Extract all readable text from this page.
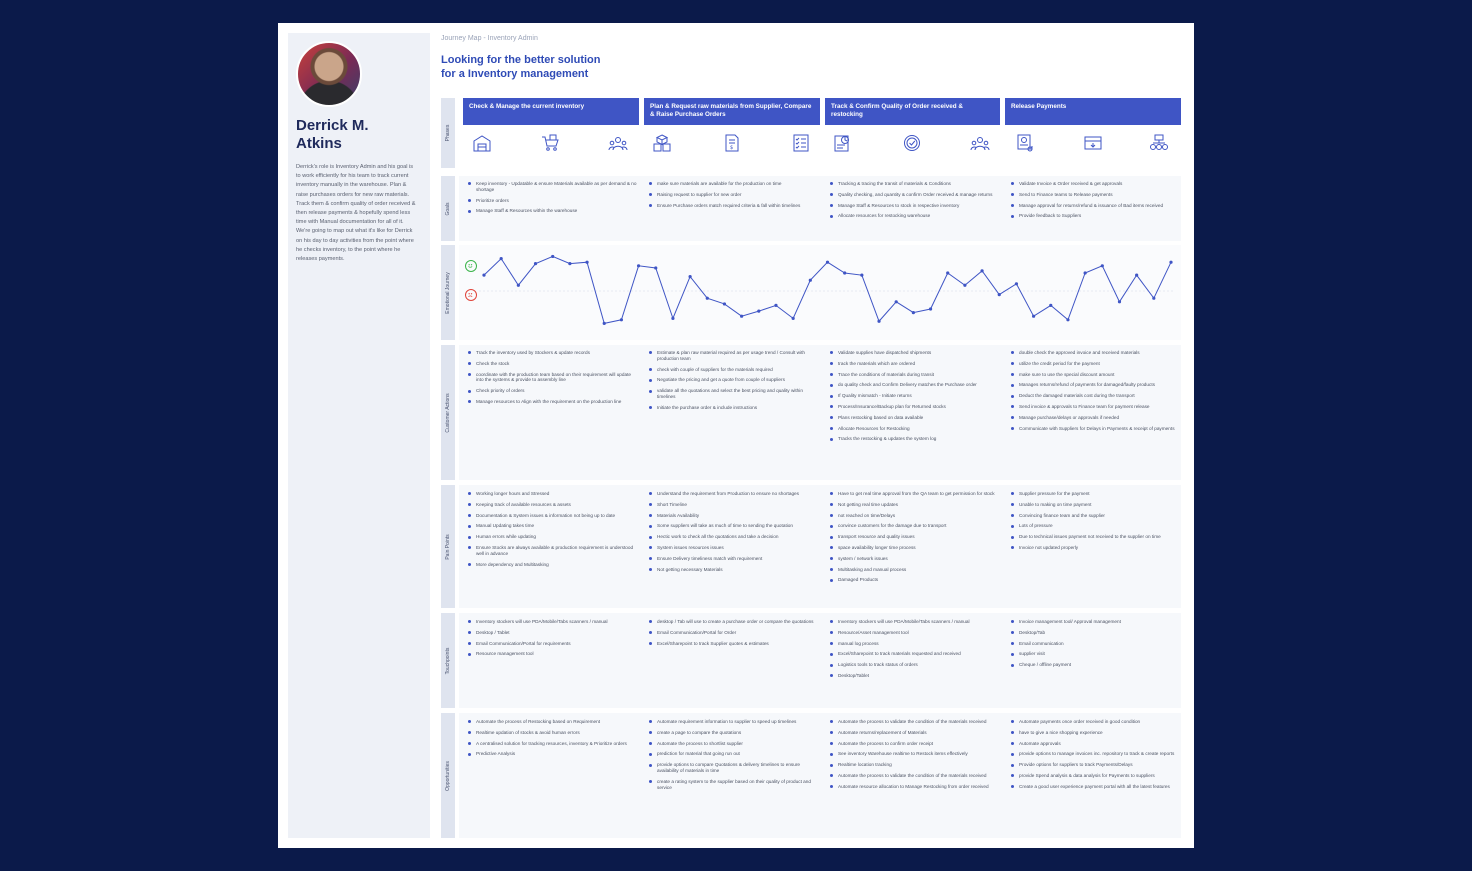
Derrick M.
Atkins
Derrick's role is Inventory Admin and his goal is to work efficiently for his team to track current inventory manually in the warehouse. Plan & raise purchases orders for new raw materials. Track them & confirm quality of order received & then release payments & hopefully spend less time with Manual documentation for all of it. We're going to map out what it's like for Derrick on his day to day activities from the point where he checks inventory, to the point where he releases payments.
Journey Map - Inventory Admin
Looking for the better solution
for a Inventory management
Phases
Goals
Emotional Journey
Customer Actions
Pain Points
Touchpoints
Opportunities
Check & Manage the current inventory	Plan & Request raw materials from Supplier, Compare & Raise Purchase Orders
Track & Confirm Quality of Order received & restocking
Release Payments
$
Keep inventory - Updatable & ensure Materials available as per demand & no shortage
Prioritize orders
Manage Staff & Resources within the warehouse
make sure materials are available for the production on time
Raising request to supplier for new order
Ensure Purchase orders match required criteria & fall within timelines
Tracking & tracing the transit of materials & Conditions
Quality checking, and quantity & confirm Order received & manage returns
Manage Staff & Resources to stock in respective inventory
Allocate resources for restocking warehouse
Validate Invoice & Order received & get approvals
Send to Finance teams to Release payments
Manage approval for returns/refund & issuance of Bad items received
Provide feedback to Suppliers
Track the inventory used by Stockers & update records
Check the stock
coordinate with the production team based on their requirement will update into the systems & provide to assembly line
Check priority of orders
Manage resources to Align with the requirement on the production line
Estimate & plan raw material required as per usage trend / Consult with production team
check with couple of suppliers for the materials required
Negotiate the pricing and get a quote from couple of suppliers
validate all the quotations and select the best pricing and quality within timelines
Initiate the purchase order & include instructions
Validate supplies have dispatched shipments
track the materials which are ordered
Trace the conditions of materials during transit
do quality check and Confirm Delivery matches the Purchase order
If Quality mismatch - Initiate returns
Process/Insurance/Backup plan for Returned stocks
Plans restocking based on data available
Allocate Resources for Restocking
Tracks the restocking & updates the system log
double check the approved invoice and received materials
utilize the credit period for the payment
make sure to use the special discount amount
Manages returns/refund of payments for damaged/faulty products
Deduct the damaged materials cost during the transport
Send invoice & approvals to Finance team for payment release
Manage purchase/delays or approvals if needed
Communicate with Suppliers for Delays in Payments & receipt of payments
Working longer hours and Stressed
Keeping track of available resources & assets
Documentation & System issues & information not being up to date
Manual Updating takes time
Human errors while updating
Ensure Stocks are always available & production requirement is understood well in advance
More dependency and Multitasking
Understand the requirement from Production to ensure no shortages
Short Timeline
Materials Availability
Some suppliers will take as much of time to sending the quotation
Hectic work to check all the quotations and take a decision
System issues resources issues
Ensure Delivery timeliness match with requirement
Not getting necessary Materials
Have to get real time approval from the QA team to get permission for stock
Not getting real time updates
not reached on time/Delays
convince customers for the damage due to transport
transport resource and quality issues
space availability longer time process
system / network issues
Multitasking and manual process
Damaged Products
Supplier pressure for the payment
Unable to making on time payment
Convincing finance team and the supplier
Lots of pressure
Due to technical issues payment not received to the supplier on time
Invoice not updated properly
Inventory stockers will use PDA/Mobile/Tabs scanners / manual
Desktop / Tablet
Email Communication/Portal for requirements
Resource management tool
desktop / Tab will use to create a purchase order or compare the quotations
Email Communication/Portal for Order
Excel/Sharepoint to track Supplier quotes & estimates
Inventory stockers will use PDA/Mobile/Tabs scanners / manual
Resource/Asset management tool
manual log process
Excel/Sharepoint to track materials requested and received
Logistics tools to track status of orders
Desktop/Tablet
Invoice management tool/ Approval management
Desktop/Tab
Email communication
supplier visit
Cheque / offline payment
Automate the process of Restocking based on Requirement
Realtime updation of stocks & avoid human errors
A centralised solution for tracking resources, inventory & Prioritize orders
Predictive Analysis
Automate requirement information to supplier to speed up timelines
create a page to compare the quotations
Automate the process to shortlist supplier
prediction for material that going run out
provide options to compare Quotations & delivery timelines to ensure availability of materials in time
create a rating system to the supplier based on their quality of product and service
Automate the process to validate the condition of the materials received
Automate returns/replacement of Materials
Automate the process to confirm order receipt
See inventory Warehouse realtime to Restock items effectively
Realtime location tracking
Automate the process to validate the condition of the materials received
Automate resource allocation to Manage Restocking from order received
Automate payments once order received in good condition
have to give a nice shopping experience
Automate approvals
provide options to manage invoices inc. repository to track & create reports
Provide options for suppliers to track Payments/Delays
provide Spend analysis & data analysis for Payments to suppliers
Create a good user experience payment portal with all the latest features
